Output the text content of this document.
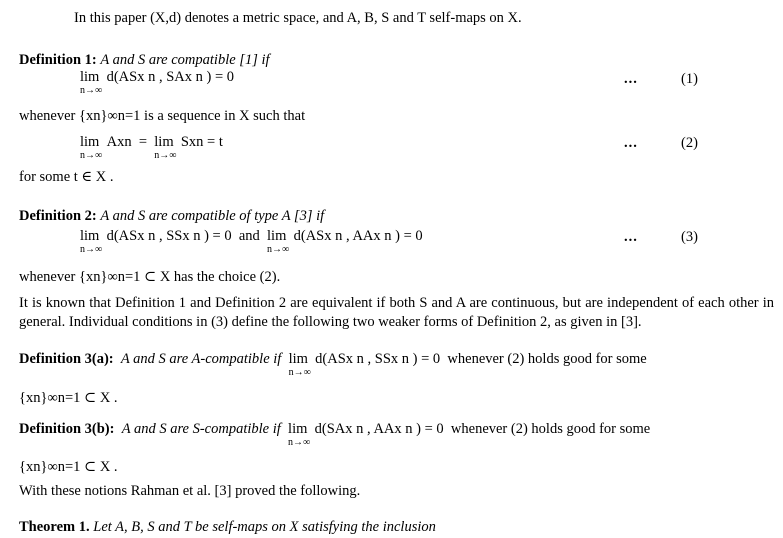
In this paper (X,d) denotes a metric space, and A, B, S and T self-maps on X.
Definition 1: A and S are compatible [1] if
lim
n→∞
d(ASx n , SAx n ) = 0	...	(1)
whenever {xn}∞n=1 is a sequence in X such that
lim
n→∞
Axn = lim
n→∞
Sxn = t	...	(2)
for some t ∈ X .
Definition 2: A and S are compatible of type A [3] if
lim
n→∞
d(ASx n , SSx n ) = 0 and lim
n→∞
d(ASx n , AAx n ) = 0	...	(3)
whenever {xn}∞n=1 ⊂ X has the choice (2).
It is known that Definition 1 and Definition 2 are equivalent if both S and A are continuous, but are independent of each other in general. Individual conditions in (3) define the following two weaker forms of Definition 2, as given in [3].
Definition 3(a): A and S are A-compatible if lim
n→∞
d(ASx n , SSx n ) = 0 whenever (2) holds good for some
{xn}∞n=1 ⊂ X .
Definition 3(b): A and S are S-compatible if lim
n→∞
d(SAx n , AAx n ) = 0 whenever (2) holds good for some
{xn}∞n=1 ⊂ X .
With these notions Rahman et al. [3] proved the following.
Theorem 1. Let A, B, S and T be self-maps on X satisfying the inclusion
